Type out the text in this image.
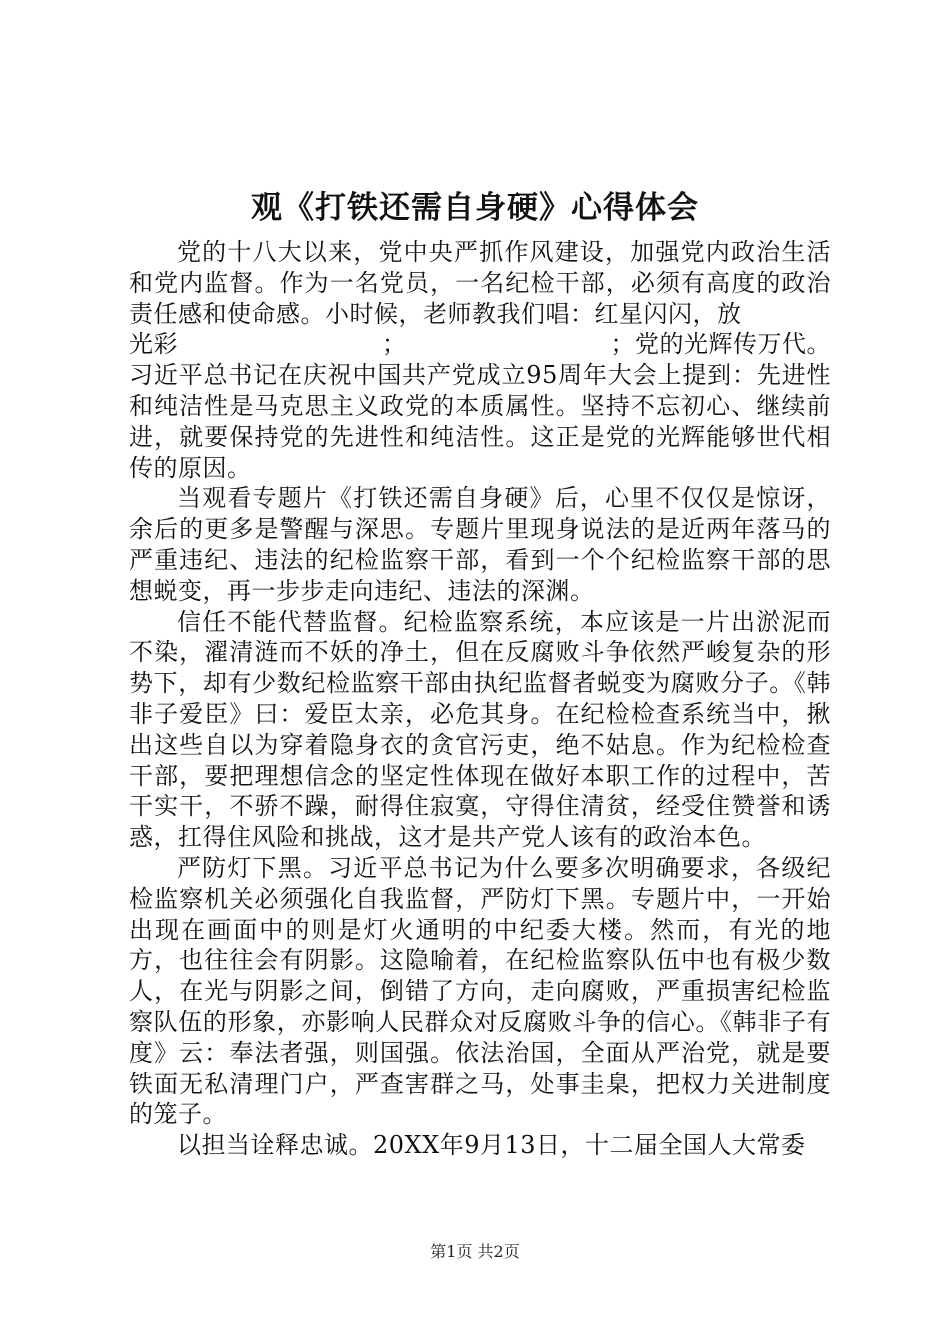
观《打铁还需自身硬》心得体会

党的十八大以来，党中央严抓作风建设，加强党内政治生活和党内监督。作为一名党员，一名纪检干部，必须有高度的政治责任感和使命感。小时候，老师教我们唱：红星闪闪，放

光彩	；	；党的光辉传万代。

习近平总书记在庆祝中国共产党成立95周年大会上提到：先进性和纯洁性是马克思主义政党的本质属性。坚持不忘初心、继续前进，就要保持党的先进性和纯洁性。这正是党的光辉能够世代相传的原因。

当观看专题片《打铁还需自身硬》后，心里不仅仅是惊讶，余后的更多是警醒与深思。专题片里现身说法的是近两年落马的严重违纪、违法的纪检监察干部，看到一个个纪检监察干部的思想蜕变，再一步步走向违纪、违法的深渊。

信任不能代替监督。纪检监察系统，本应该是一片出淤泥而不染，濯清涟而不妖的净土，但在反腐败斗争依然严峻复杂的形势下，却有少数纪检监察干部由执纪监督者蜕变为腐败分子。《韩非子爱臣》曰：爱臣太亲，必危其身。在纪检检查系统当中，揪出这些自以为穿着隐身衣的贪官污吏，绝不姑息。作为纪检检查干部，要把理想信念的坚定性体现在做好本职工作的过程中，苦干实干，不骄不躁，耐得住寂寞，守得住清贫，经受住赞誉和诱惑，扛得住风险和挑战，这才是共产党人该有的政治本色。

严防灯下黑。习近平总书记为什么要多次明确要求，各级纪检监察机关必须强化自我监督，严防灯下黑。专题片中，一开始出现在画面中的则是灯火通明的中纪委大楼。然而，有光的地方，也往往会有阴影。这隐喻着，在纪检监察队伍中也有极少数人，在光与阴影之间，倒错了方向，走向腐败，严重损害纪检监察队伍的形象，亦影响人民群众对反腐败斗争的信心。《韩非子有度》云：奉法者强，则国强。依法治国，全面从严治党，就是要铁面无私清理门户，严查害群之马，处事圭臬，把权力关进制度的笼子。

以担当诠释忠诚。20XX年9月13日，十二届全国人大常委

第1页 共2页
